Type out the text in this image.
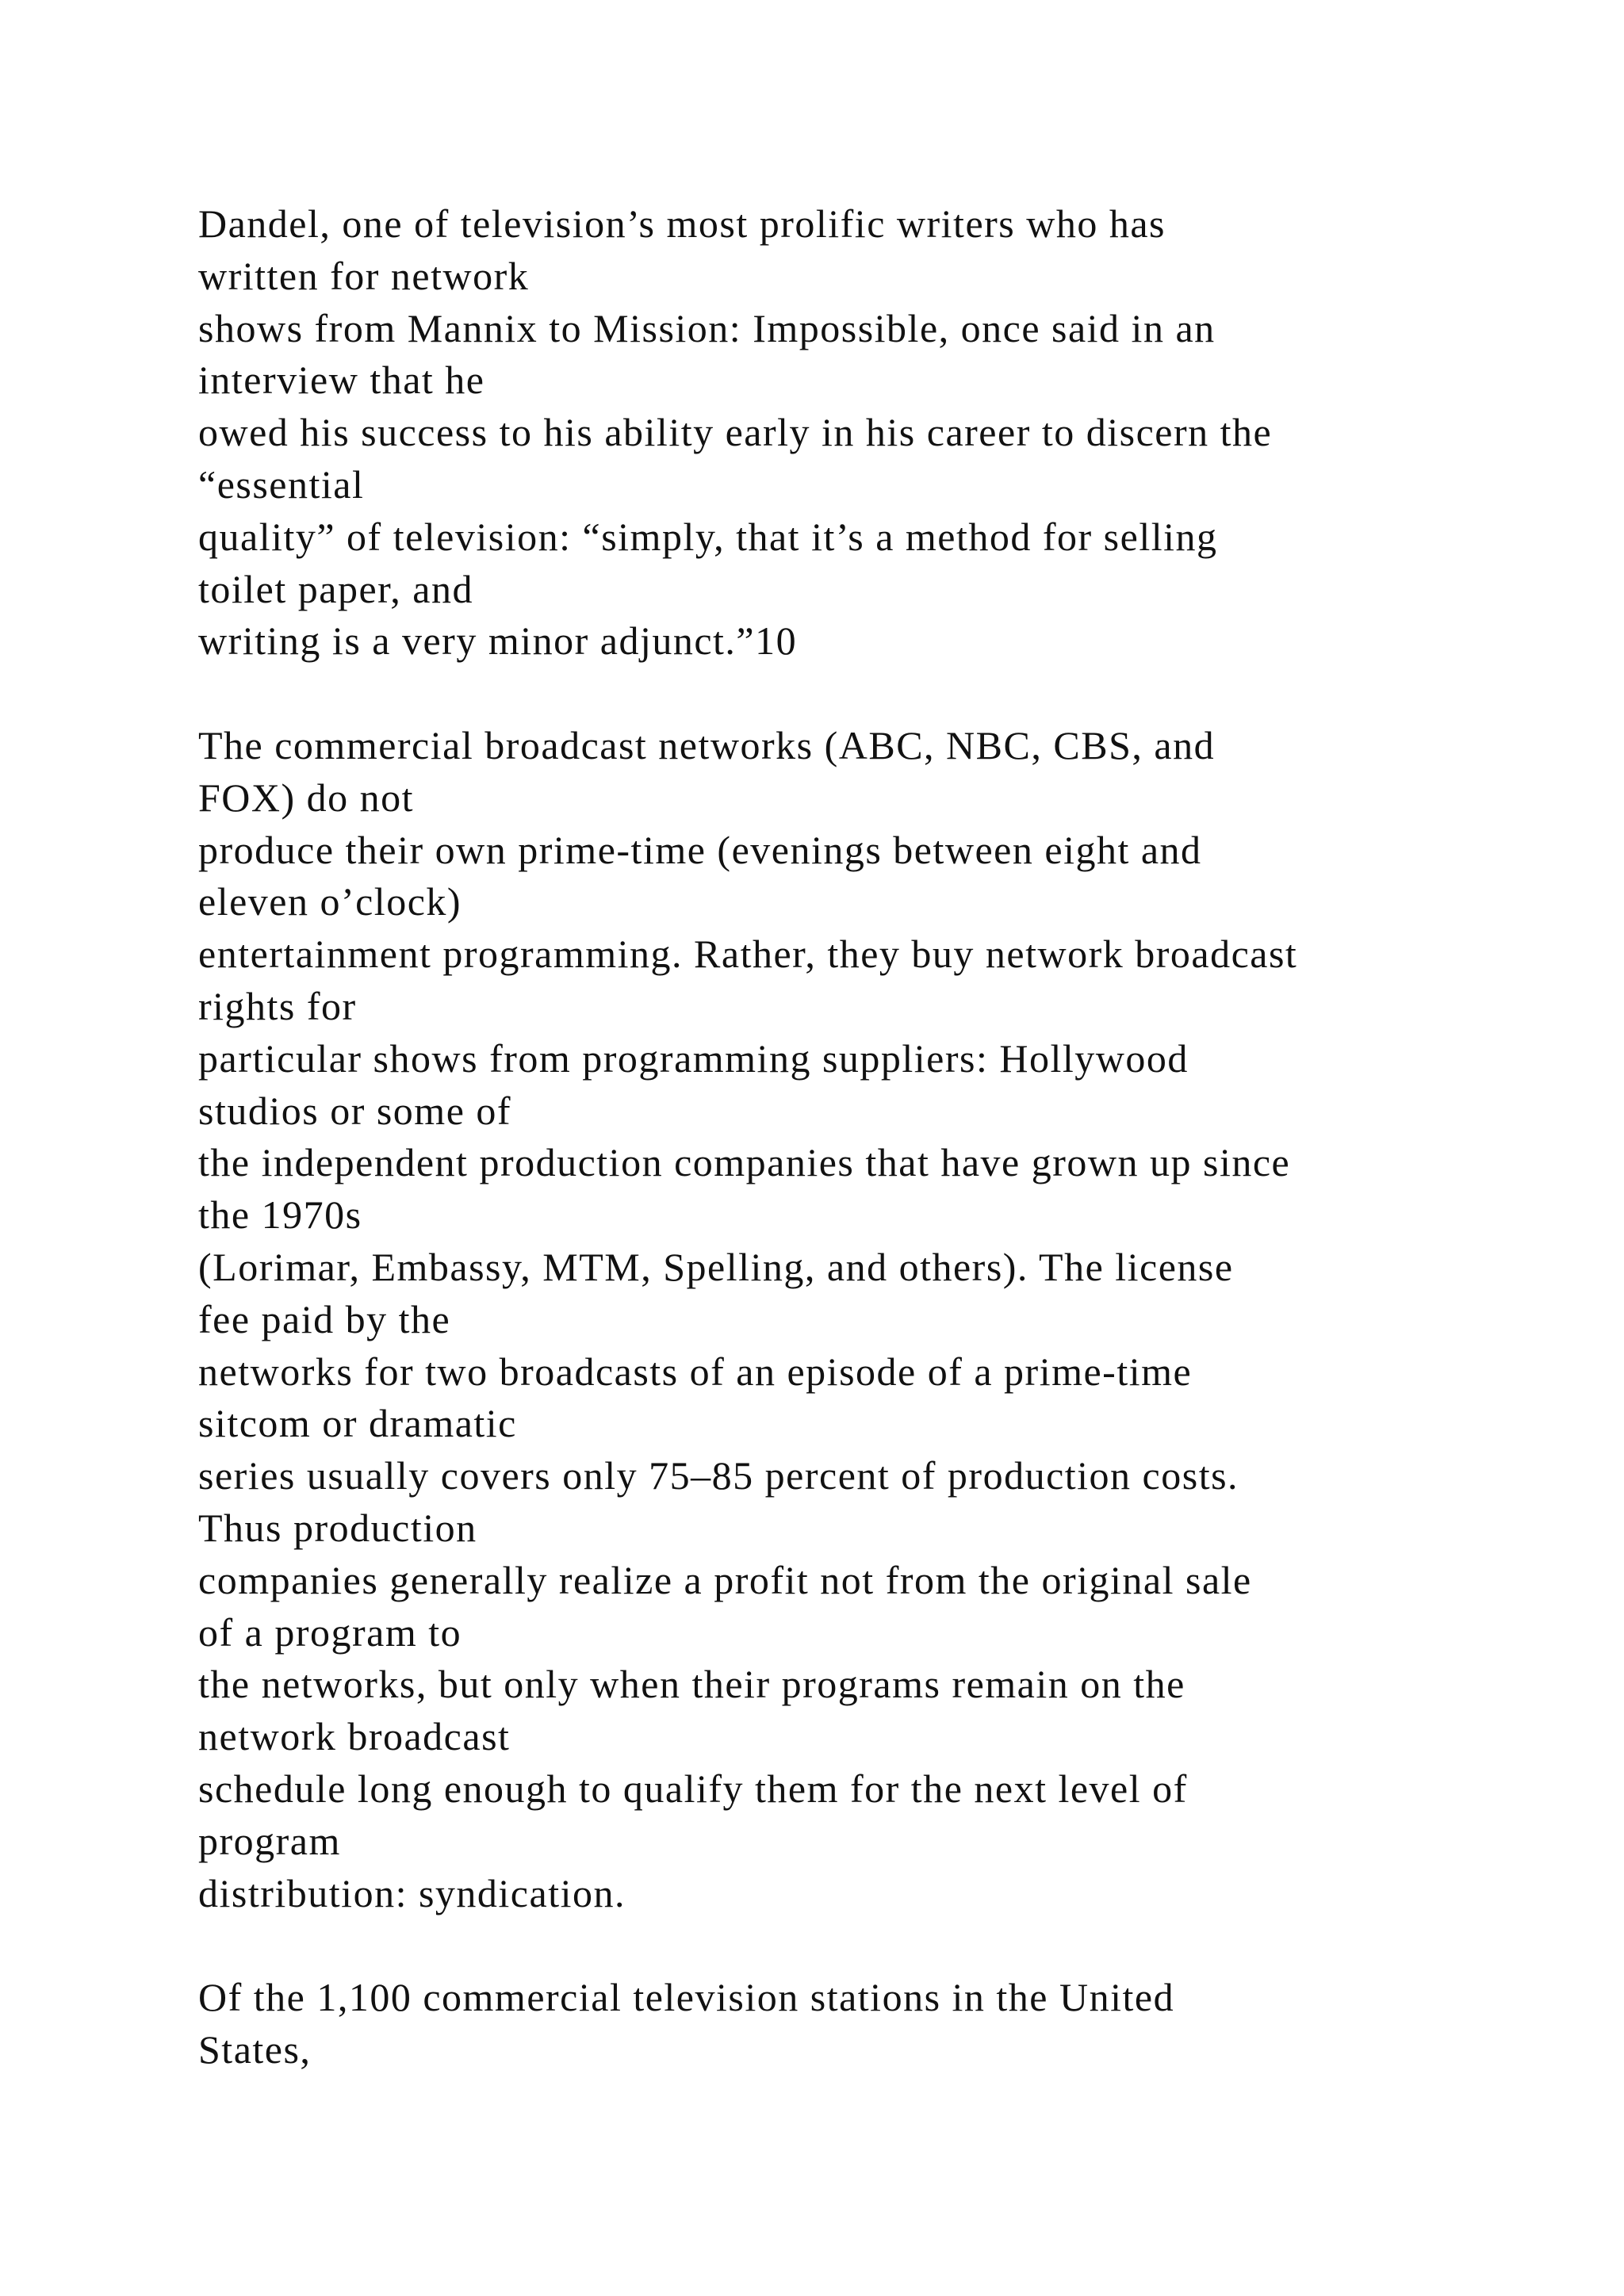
Dandel, one of television’s most prolific writers who has
written for network
shows from Mannix to Mission: Impossible, once said in an
interview that he
owed his success to his ability early in his career to discern the
“essential
quality” of television: “simply, that it’s a method for selling
toilet paper, and
writing is a very minor adjunct.”10

The commercial broadcast networks (ABC, NBC, CBS, and
FOX) do not
produce their own prime-time (evenings between eight and
eleven o’clock)
entertainment programming. Rather, they buy network broadcast
rights for
particular shows from programming suppliers: Hollywood
studios or some of
the independent production companies that have grown up since
the 1970s
(Lorimar, Embassy, MTM, Spelling, and others). The license
fee paid by the
networks for two broadcasts of an episode of a prime-time
sitcom or dramatic
series usually covers only 75–85 percent of production costs.
Thus production
companies generally realize a profit not from the original sale
of a program to
the networks, but only when their programs remain on the
network broadcast
schedule long enough to qualify them for the next level of
program
distribution: syndication.

Of the 1,100 commercial television stations in the United
States,
